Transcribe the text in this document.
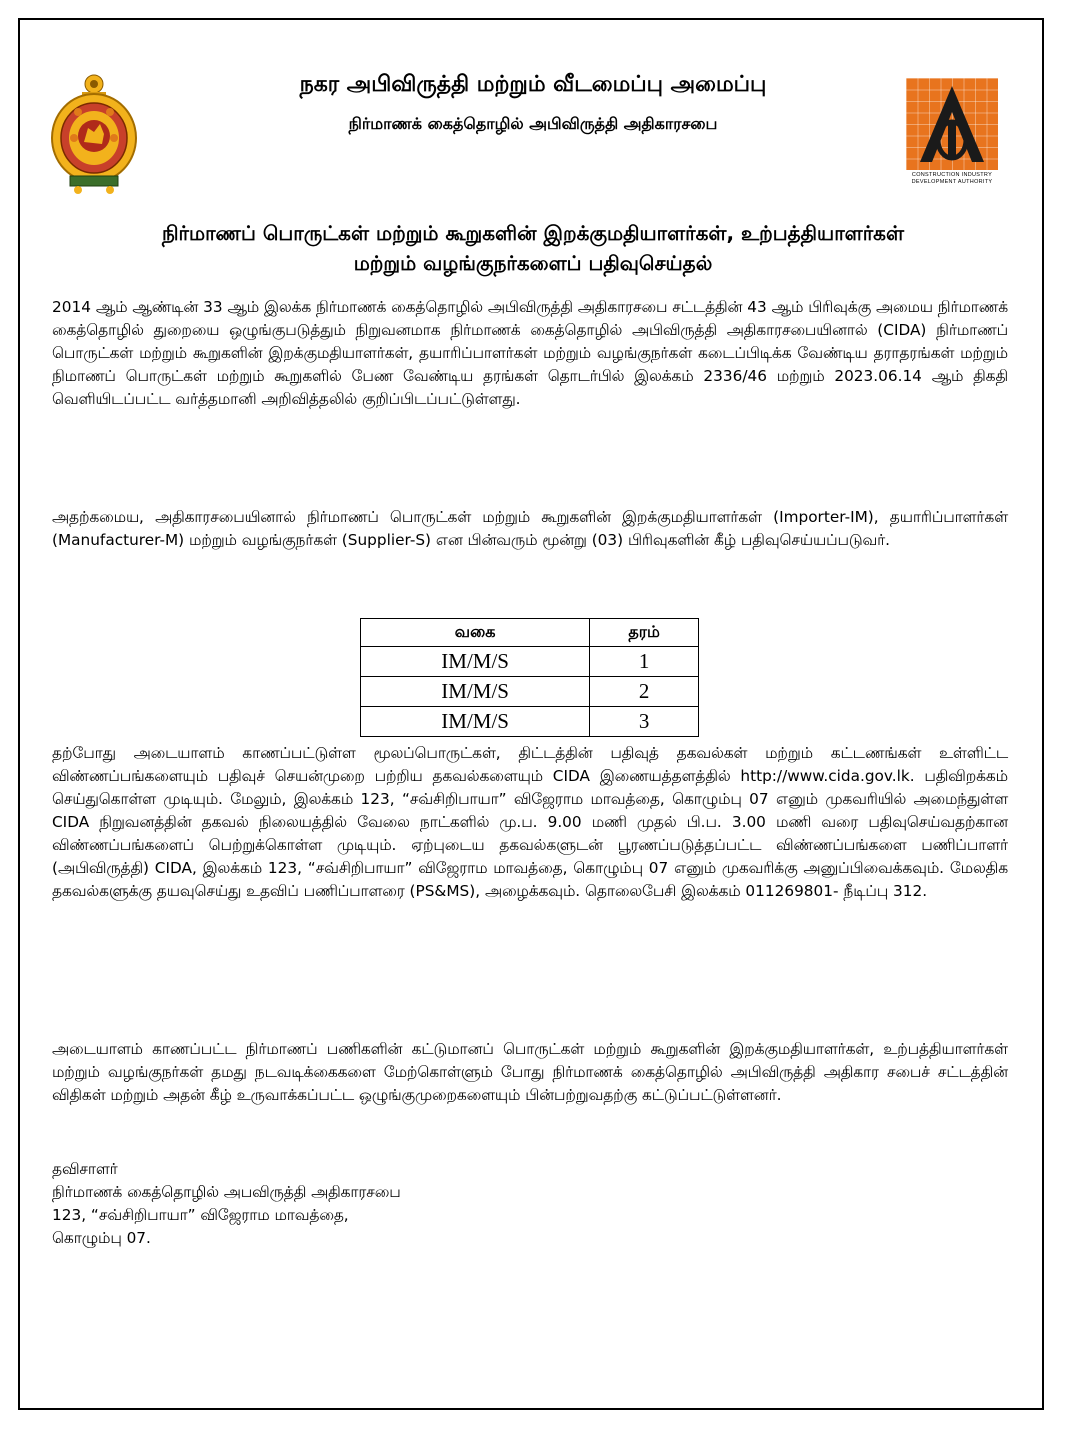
CONSTRUCTION INDUSTRY DEVELOPMENT AUTHORITY
நகர அபிவிருத்தி மற்றும் வீடமைப்பு அமைப்பு
நிர்மாணக் கைத்தொழில் அபிவிருத்தி அதிகாரசபை
நிர்மாணப் பொருட்கள் மற்றும் கூறுகளின் இறக்குமதியாளர்கள், உற்பத்தியாளர்கள்
மற்றும் வழங்குநர்களைப் பதிவுசெய்தல்

2014 ஆம் ஆண்டின் 33 ஆம் இலக்க நிர்மாணக் கைத்தொழில் அபிவிருத்தி அதிகாரசபை சட்டத்தின் 43 ஆம் பிரிவுக்கு அமைய நிர்மாணக் கைத்தொழில் துறையை ஒழுங்குபடுத்தும் நிறுவனமாக நிர்மாணக் கைத்தொழில் அபிவிருத்தி அதிகாரசபையினால் (CIDA) நிர்மாணப் பொருட்கள் மற்றும் கூறுகளின் இறக்குமதியாளர்கள், தயாரிப்பாளர்கள் மற்றும் வழங்குநர்கள் கடைப்பிடிக்க வேண்டிய தராதரங்கள் மற்றும் நிமாணப் பொருட்கள் மற்றும் கூறுகளில் பேண வேண்டிய தரங்கள் தொடர்பில் இலக்கம் 2336/46 மற்றும் 2023.06.14 ஆம் திகதி வெளியிடப்பட்ட வர்த்தமானி அறிவித்தலில் குறிப்பிடப்பட்டுள்ளது.

அதற்கமைய, அதிகாரசபையினால் நிர்மாணப் பொருட்கள் மற்றும் கூறுகளின் இறக்குமதியாளர்கள் (Importer-IM), தயாரிப்பாளர்கள் (Manufacturer-M) மற்றும் வழங்குநர்கள் (Supplier-S) என பின்வரும் மூன்று (03) பிரிவுகளின் கீழ் பதிவுசெய்யப்படுவர்.

வகை	தரம்
IM/M/S	1
IM/M/S	2
IM/M/S	3

தற்போது அடையாளம் காணப்பட்டுள்ள மூலப்பொருட்கள், திட்டத்தின் பதிவுத் தகவல்கள் மற்றும் கட்டணங்கள் உள்ளிட்ட விண்ணப்பங்களையும் பதிவுச் செயன்முறை பற்றிய தகவல்களையும் CIDA இணையத்தளத்தில் http://www.cida.gov.lk. பதிவிறக்கம் செய்துகொள்ள முடியும். மேலும், இலக்கம் 123, “சவ்சிறிபாயா” விஜேராம மாவத்தை, கொழும்பு 07 எனும் முகவரியில் அமைந்துள்ள CIDA நிறுவனத்தின் தகவல் நிலையத்தில் வேலை நாட்களில் மு.ப. 9.00 மணி முதல் பி.ப. 3.00 மணி வரை பதிவுசெய்வதற்கான விண்ணப்பங்களைப் பெற்றுக்கொள்ள முடியும். ஏற்புடைய தகவல்களுடன் பூரணப்படுத்தப்பட்ட விண்ணப்பங்களை பணிப்பாளர் (அபிவிருத்தி) CIDA, இலக்கம் 123, “சவ்சிறிபாயா” விஜேராம மாவத்தை, கொழும்பு 07 எனும் முகவரிக்கு அனுப்பிவைக்கவும். மேலதிக தகவல்களுக்கு தயவுசெய்து உதவிப் பணிப்பாளரை (PS&MS), அழைக்கவும். தொலைபேசி இலக்கம் 011269801- நீடிப்பு 312.

அடையாளம் காணப்பட்ட நிர்மாணப் பணிகளின் கட்டுமானப் பொருட்கள் மற்றும் கூறுகளின் இறக்குமதியாளர்கள், உற்பத்தியாளர்கள் மற்றும் வழங்குநர்கள் தமது நடவடிக்கைகளை மேற்கொள்ளும் போது நிர்மாணக் கைத்தொழில் அபிவிருத்தி அதிகார சபைச் சட்டத்தின் விதிகள் மற்றும் அதன் கீழ் உருவாக்கப்பட்ட ஒழுங்குமுறைகளையும் பின்பற்றுவதற்கு கட்டுப்பட்டுள்ளனர்.

தவிசாளர்
நிர்மாணக் கைத்தொழில் அபவிருத்தி அதிகாரசபை
123, “சவ்சிறிபாயா” விஜேராம மாவத்தை,
கொழும்பு 07.
